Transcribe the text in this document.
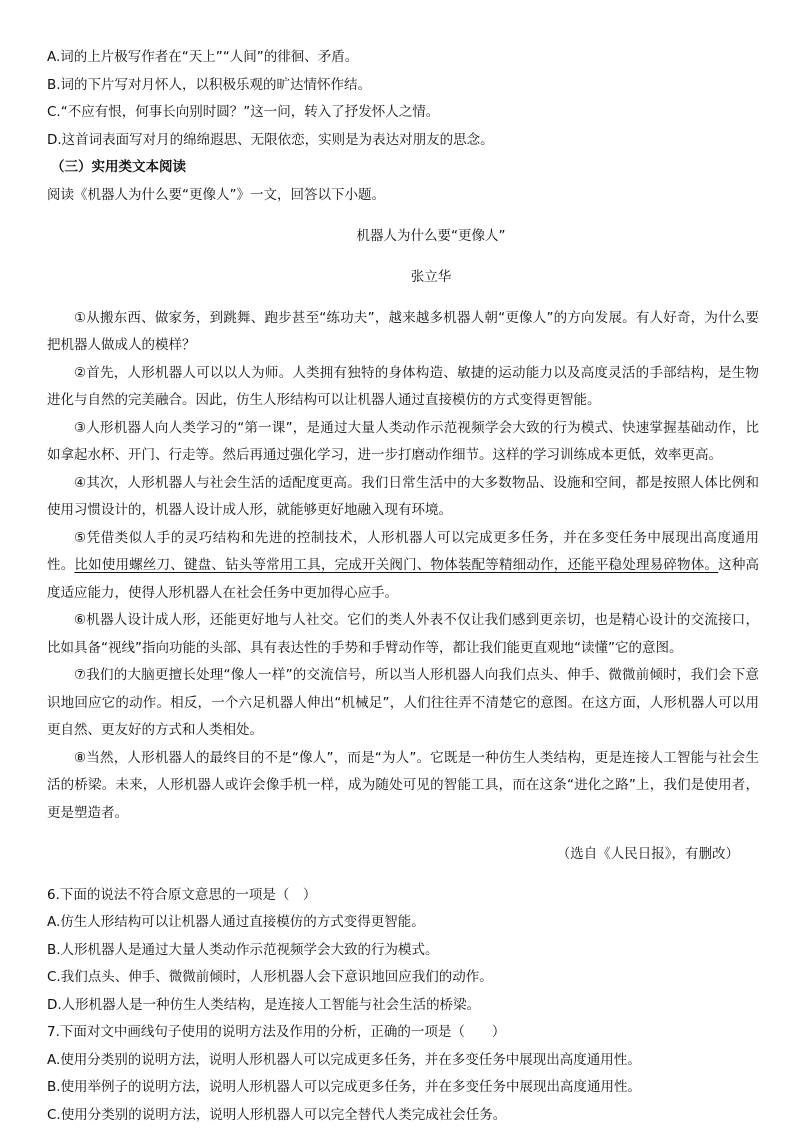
A.词的上片极写作者在“天上”“人间”的徘徊、矛盾。

B.词的下片写对月怀人，以积极乐观的旷达情怀作结。

C.“不应有恨，何事长向别时圆？”这一问，转入了抒发怀人之情。

D.这首词表面写对月的绵绵遐思、无限依恋，实则是为表达对朋友的思念。

（三）实用类文本阅读

阅读《机器人为什么要“更像人”》一文，回答以下小题。

机器人为什么要“更像人”

张立华

①从搬东西、做家务，到跳舞、跑步甚至“练功夫”，越来越多机器人朝“更像人”的方向发展。有人好奇，为什么要把机器人做成人的模样？

②首先，人形机器人可以以人为师。人类拥有独特的身体构造、敏捷的运动能力以及高度灵活的手部结构，是生物进化与自然的完美融合。因此，仿生人形结构可以让机器人通过直接模仿的方式变得更智能。

③人形机器人向人类学习的“第一课”，是通过大量人类动作示范视频学会大致的行为模式、快速掌握基础动作，比如拿起水杯、开门、行走等。然后再通过强化学习，进一步打磨动作细节。这样的学习训练成本更低，效率更高。

④其次，人形机器人与社会生活的适配度更高。我们日常生活中的大多数物品、设施和空间，都是按照人体比例和使用习惯设计的，机器人设计成人形，就能够更好地融入现有环境。

⑤凭借类似人手的灵巧结构和先进的控制技术，人形机器人可以完成更多任务，并在多变任务中展现出高度通用性。比如使用螺丝刀、键盘、钻头等常用工具，完成开关阀门、物体装配等精细动作，还能平稳处理易碎物体。这种高度适应能力，使得人形机器人在社会任务中更加得心应手。

⑥机器人设计成人形，还能更好地与人社交。它们的类人外表不仅让我们感到更亲切，也是精心设计的交流接口，比如具备“视线”指向功能的头部、具有表达性的手势和手臂动作等，都让我们能更直观地“读懂”它的意图。

⑦我们的大脑更擅长处理“像人一样”的交流信号，所以当人形机器人向我们点头、伸手、微微前倾时，我们会下意识地回应它的动作。相反，一个六足机器人伸出“机械足”，人们往往弄不清楚它的意图。在这方面，人形机器人可以用更自然、更友好的方式和人类相处。

⑧当然，人形机器人的最终目的不是“像人”，而是“为人”。它既是一种仿生人类结构，更是连接人工智能与社会生活的桥梁。未来，人形机器人或许会像手机一样，成为随处可见的智能工具，而在这条“进化之路”上，我们是使用者，更是塑造者。

（选自《人民日报》，有删改）

6.下面的说法不符合原文意思的一项是（　）

A.仿生人形结构可以让机器人通过直接模仿的方式变得更智能。

B.人形机器人是通过大量人类动作示范视频学会大致的行为模式。

C.我们点头、伸手、微微前倾时，人形机器人会下意识地回应我们的动作。

D.人形机器人是一种仿生人类结构，是连接人工智能与社会生活的桥梁。

7.下面对文中画线句子使用的说明方法及作用的分析，正确的一项是（　　）

A.使用分类别的说明方法，说明人形机器人可以完成更多任务，并在多变任务中展现出高度通用性。

B.使用举例子的说明方法，说明人形机器人可以完成更多任务，并在多变任务中展现出高度通用性。

C.使用分类别的说明方法，说明人形机器人可以完全替代人类完成社会任务。
